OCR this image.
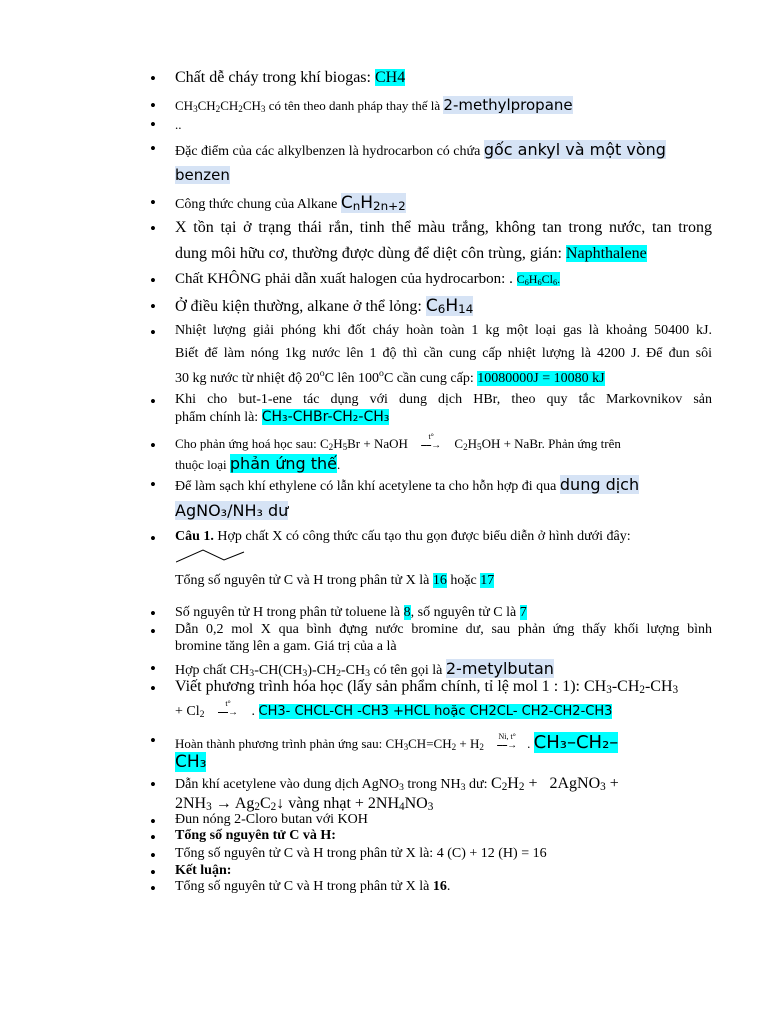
•
•
•
•
•
•
•
•
•
•
•
•
•
•
•
•
•
•
•
•
•
•
•
•
Chất dễ cháy trong khí biogas: CH4
$CH_3CH_2CH_2CH_3$ có tên theo danh pháp thay thế là 2-methylpropane
..
Đặc điểm của các alkylbenzen là hydrocarbon có chứa gốc ankyl và một vòng
benzen
Công thức chung của Alkane $C_nH_{2n+2}$
X tồn tại ở trạng thái rắn, tinh thể màu trắng, không tan trong nước, tan trong
dung môi hữu cơ, thường được dùng để diệt côn trùng, gián: Naphthalene
Chất KHÔNG phải dẫn xuất halogen của hydrocarbon: . $C_6H_6Cl_6$.
Ở điều kiện thường, alkane ở thể lỏng: $C_6H_{14}$
Nhiệt lượng giải phóng khi đốt cháy hoàn toàn 1 kg một loại gas là khoảng 50400 kJ.
Biết để làm nóng 1kg nước lên 1 độ thì cần cung cấp nhiệt lượng là 4200 J. Để đun sôi
30 kg nước từ nhiệt độ 20$^o$C lên 100$^o$C cần cung cấp: 10080000J = 10080 kJ
Khi cho but-1-ene tác dụng với dung dịch HBr, theo quy tắc Markovnikov sản
phẩm chính là: CH₃-CHBr-CH₂-CH₃
Cho phản ứng hoá học sau: $C_2H_5Br$ + NaOH	t°
⎯⎯→ $C_2H_5OH$ + NaBr. Phản ứng trên
thuộc loại phản ứng thế.
Để làm sạch khí ethylene có lẫn khí acetylene ta cho hỗn hợp đi qua dung dịch
AgNO₃/NH₃ dư
Câu 1. Hợp chất X có công thức cấu tạo thu gọn được biểu diễn ở hình dưới đây:
Tổng số nguyên tử C và H trong phân tử X là 16 hoặc 17
Số nguyên tử H trong phân tử toluene là 8, số nguyên tử C là 7
Dẫn 0,2 mol X qua bình đựng nước bromine dư, sau phản ứng thấy khối lượng bình
bromine tăng lên a gam. Giá trị của a là
Hợp chất $CH_3-CH(CH_3)-CH_2-CH_3$ có tên gọi là 2-metylbutan
Viết phương trình hóa học (lấy sản phẩm chính, tỉ lệ mol 1 : 1): $CH_3-CH_2-CH_3$
+ $Cl_2$
t°
⎯⎯→ . CH3- CHCL-CH -CH3 +HCL hoặc CH2CL- CH2-CH2-CH3
Hoàn thành phương trình phản ứng sau: $CH_3CH=CH_2 + H_2$
Ni, t°
⎯⎯→ . CH₃–CH₂–
CH₃
Dẫn khí acetylene vào dung dịch AgNO$_3$ trong $NH_3$ dư: $C_2H_2$ +   2AgNO$_3$ +
$2NH_3$ → $Ag_2C_2↓$ vàng nhạt + $2NH_4NO_3$
Đun nóng 2-Cloro butan với KOH
Tổng số nguyên tử C và H:
Tổng số nguyên tử C và H trong phân tử X là: 4 (C) + 12 (H) = 16
Kết luận:
Tổng số nguyên tử C và H trong phân tử X là 16.
